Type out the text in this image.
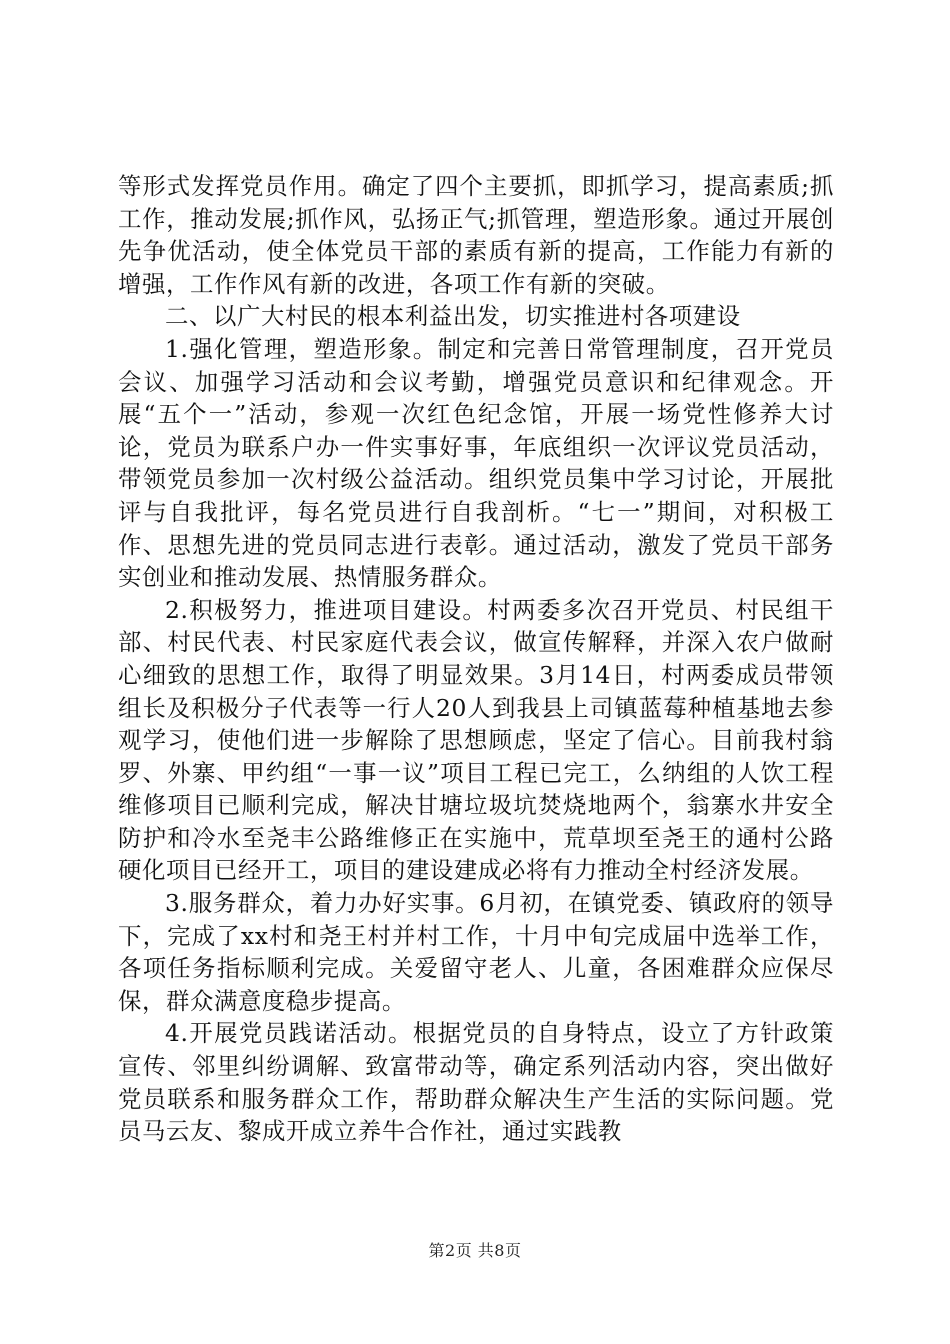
等形式发挥党员作用。确定了四个主要抓，即抓学习，提高素质;抓工作，推动发展;抓作风，弘扬正气;抓管理，塑造形象。通过开展创先争优活动，使全体党员干部的素质有新的提高，工作能力有新的增强，工作作风有新的改进，各项工作有新的突破。

二、以广大村民的根本利益出发，切实推进村各项建设

1.强化管理，塑造形象。制定和完善日常管理制度，召开党员会议、加强学习活动和会议考勤，增强党员意识和纪律观念。开展“五个一”活动，参观一次红色纪念馆，开展一场党性修养大讨论，党员为联系户办一件实事好事，年底组织一次评议党员活动，带领党员参加一次村级公益活动。组织党员集中学习讨论，开展批评与自我批评，每名党员进行自我剖析。“七一”期间，对积极工作、思想先进的党员同志进行表彰。通过活动，激发了党员干部务实创业和推动发展、热情服务群众。

2.积极努力，推进项目建设。村两委多次召开党员、村民组干部、村民代表、村民家庭代表会议，做宣传解释，并深入农户做耐心细致的思想工作，取得了明显效果。3月14日，村两委成员带领组长及积极分子代表等一行人20人到我县上司镇蓝莓种植基地去参观学习，使他们进一步解除了思想顾虑，坚定了信心。目前我村翁罗、外寨、甲约组“一事一议”项目工程已完工，么纳组的人饮工程维修项目已顺利完成，解决甘塘垃圾坑焚烧地两个，翁寨水井安全防护和冷水至尧丰公路维修正在实施中，荒草坝至尧王的通村公路硬化项目已经开工，项目的建设建成必将有力推动全村经济发展。

3.服务群众，着力办好实事。6月初，在镇党委、镇政府的领导下，完成了xx村和尧王村并村工作，十月中旬完成届中选举工作，各项任务指标顺利完成。关爱留守老人、儿童，各困难群众应保尽保，群众满意度稳步提高。

4.开展党员践诺活动。根据党员的自身特点，设立了方针政策宣传、邻里纠纷调解、致富带动等，确定系列活动内容，突出做好党员联系和服务群众工作，帮助群众解决生产生活的实际问题。党员马云友、黎成开成立养牛合作社，通过实践教

第2页 共8页
